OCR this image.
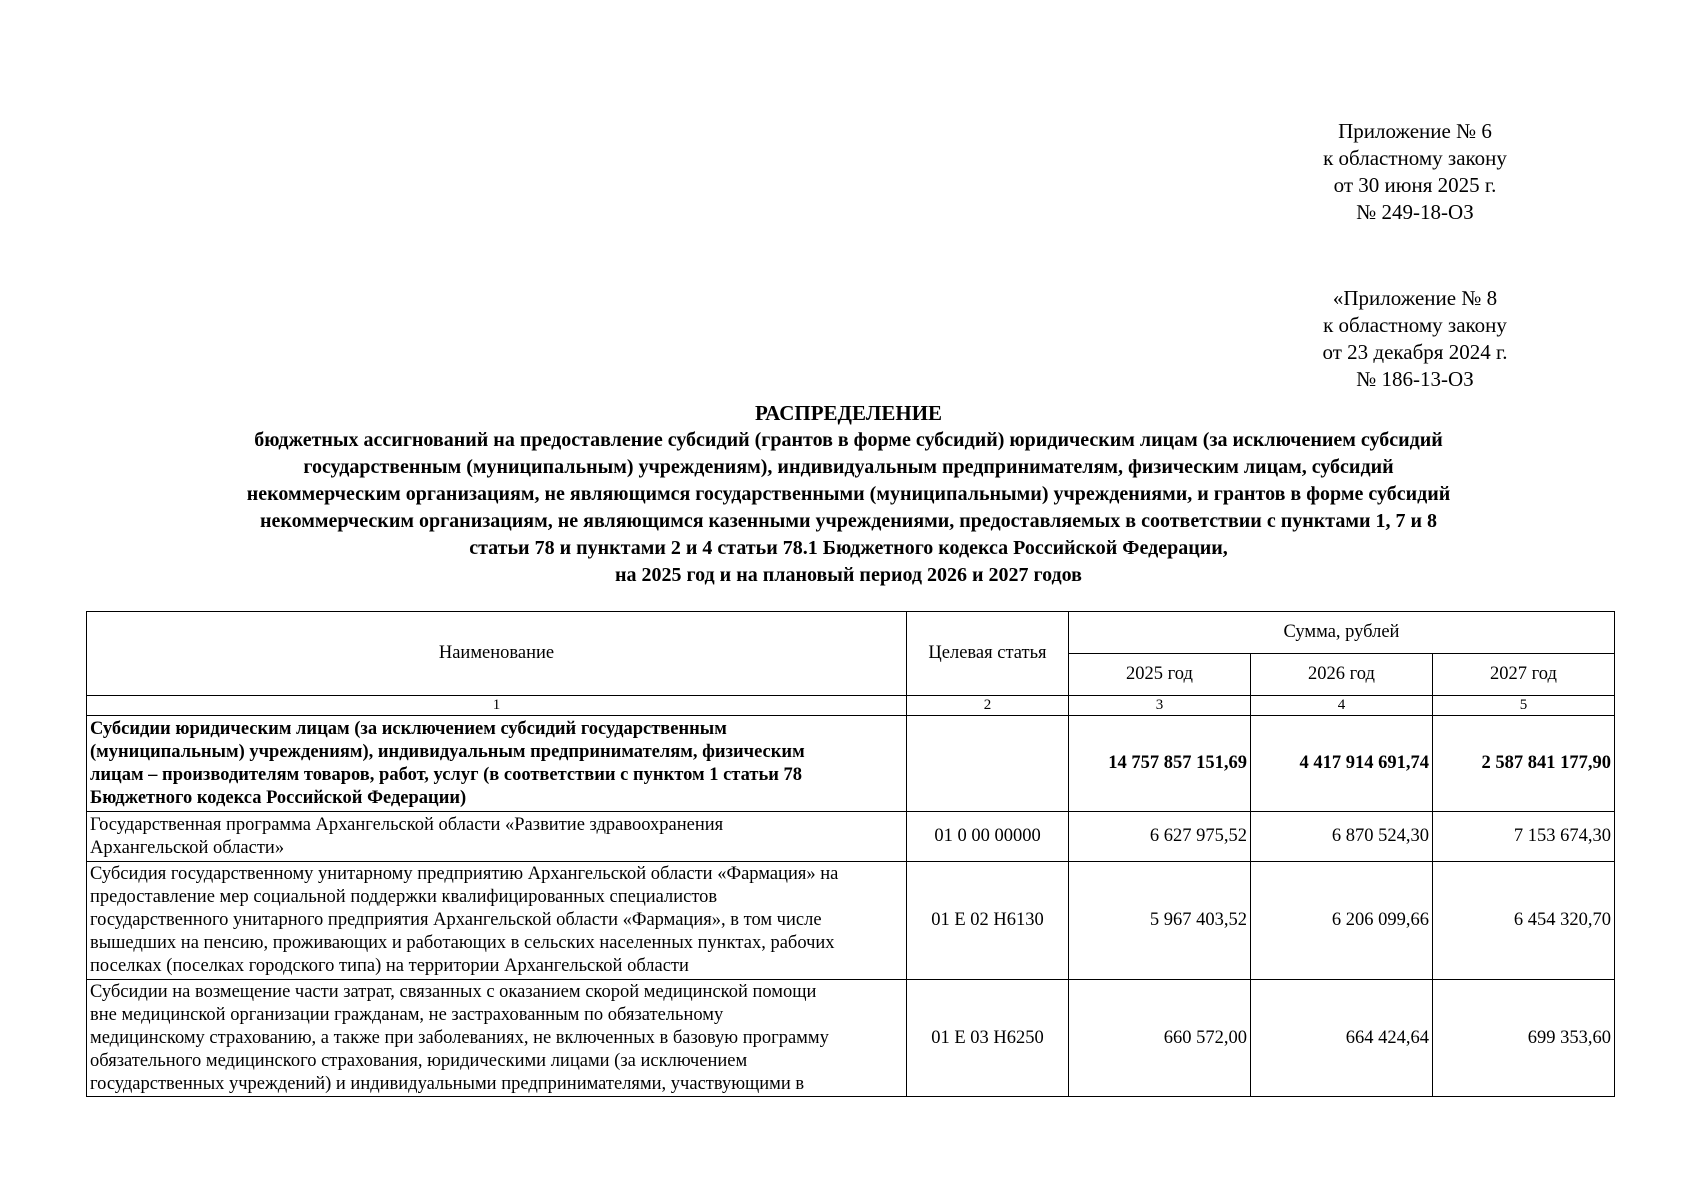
Приложение № 6
к областному закону
от 30 июня 2025 г.
№ 249-18-ОЗ
«Приложение № 8
к областному закону
от 23 декабря 2024 г.
№ 186-13-ОЗ
РАСПРЕДЕЛЕНИЕ
бюджетных ассигнований на предоставление субсидий (грантов в форме субсидий) юридическим лицам (за исключением субсидий
государственным (муниципальным) учреждениям), индивидуальным предпринимателям, физическим лицам, субсидий
некоммерческим организациям, не являющимся государственными (муниципальными) учреждениями, и грантов в форме субсидий
некоммерческим организациям, не являющимся казенными учреждениями, предоставляемых в соответствии с пунктами 1, 7 и 8
статьи 78 и пунктами 2 и 4 статьи 78.1 Бюджетного кодекса Российской Федерации,
на 2025 год и на плановый период 2026 и 2027 годов
Наименование	Целевая статья	Сумма, рублей		
		2025 год	2026 год	2027 год
1	2	3	4	5

Субсидии юридическим лицам (за исключением субсидий государственным
(муниципальным) учреждениям), индивидуальным предпринимателям, физическим
лицам – производителям товаров, работ, услуг (в соответствии с пунктом 1 статьи 78
Бюджетного кодекса Российской Федерации)		14 757 857 151,69	4 417 914 691,74	2 587 841 177,90

Государственная программа Архангельской области «Развитие здравоохранения
Архангельской области»	01 0 00 00000	6 627 975,52	6 870 524,30	7 153 674,30

Субсидия государственному унитарному предприятию Архангельской области «Фармация» на
предоставление мер социальной поддержки квалифицированных специалистов
государственного унитарного предприятия Архангельской области «Фармация», в том числе
вышедших на пенсию, проживающих и работающих в сельских населенных пунктах, рабочих
поселках (поселках городского типа) на территории Архангельской области	01 Е 02 Н6130	5 967 403,52	6 206 099,66	6 454 320,70

Субсидии на возмещение части затрат, связанных с оказанием скорой медицинской помощи
вне медицинской организации гражданам, не застрахованным по обязательному
медицинскому страхованию, а также при заболеваниях, не включенных в базовую программу
обязательного медицинского страхования, юридическими лицами (за исключением
государственных учреждений) и индивидуальными предпринимателями, участвующими в	01 Е 03 Н6250	660 572,00	664 424,64	699 353,60
